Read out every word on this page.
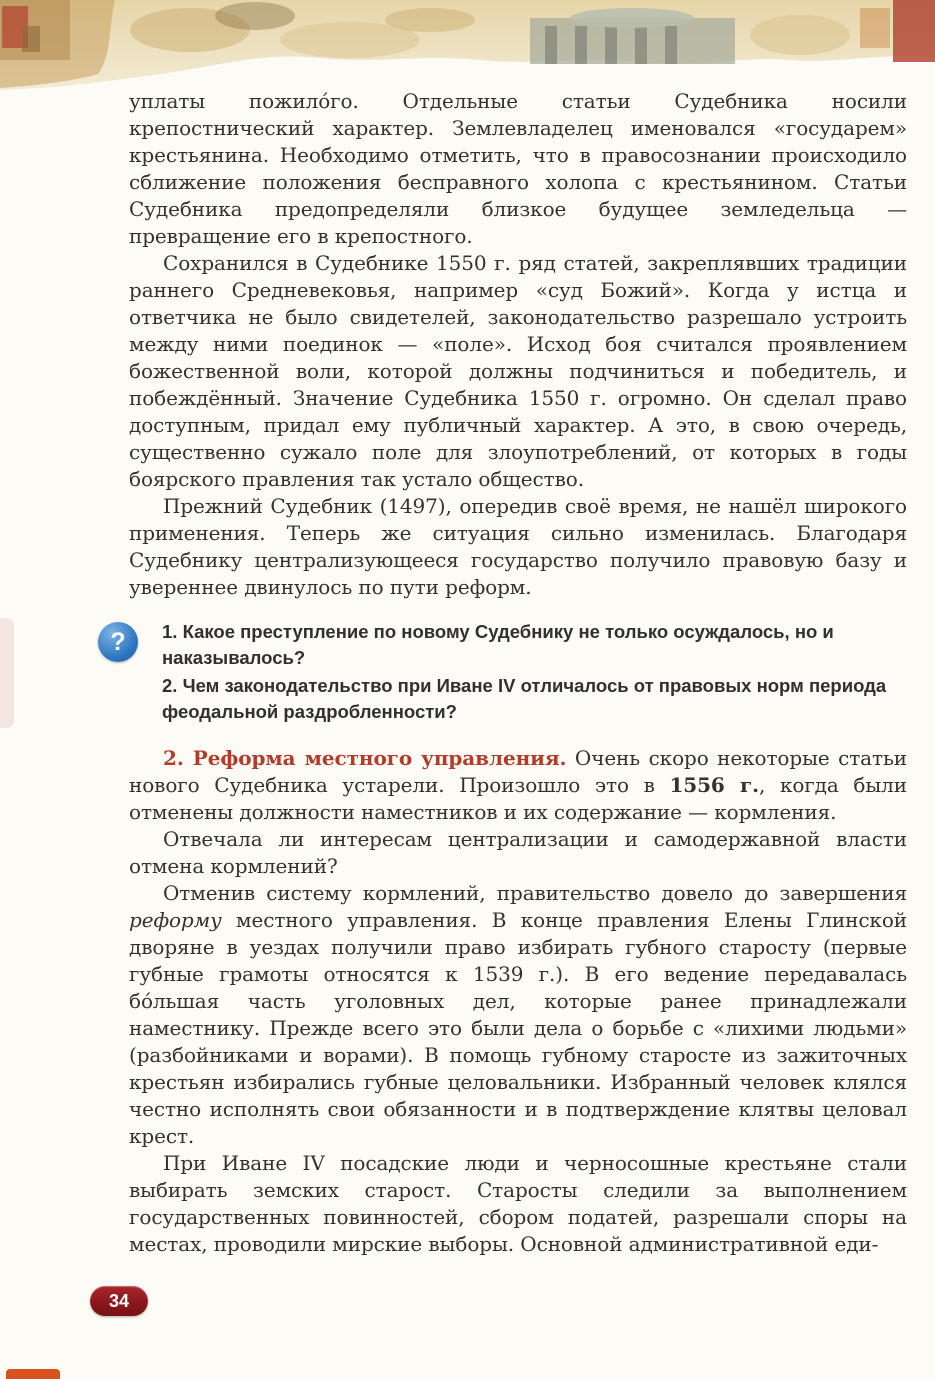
уплаты пожило́го. Отдельные статьи Судебника носили крепостнический характер. Землевладелец именовался «государем» крестьянина. Необходимо отметить, что в правосознании происходило сближение положения бесправного холопа с крестьянином. Статьи Судебника предопределяли близкое будущее земледельца — превращение его в крепостного.

Сохранился в Судебнике 1550 г. ряд статей, закреплявших традиции раннего Средневековья, например «суд Божий». Когда у истца и ответчика не было свидетелей, законодательство разрешало устроить между ними поединок — «поле». Исход боя считался проявлением божественной воли, которой должны подчиниться и победитель, и побеждённый. Значение Судебника 1550 г. огромно. Он сделал право доступным, придал ему публичный характер. А это, в свою очередь, существенно сужало поле для злоупотреблений, от которых в годы боярского правления так устало общество.

Прежний Судебник (1497), опередив своё время, не нашёл широкого применения. Теперь же ситуация сильно изменилась. Благодаря Судебнику централизующееся государство получило правовую базу и увереннее двинулось по пути реформ.

? 1. Какое преступление по новому Судебнику не только осуждалось, но и наказывалось?

2. Чем законодательство при Иване IV отличалось от правовых норм периода феодальной раздробленности?

2. Реформа местного управления. Очень скоро некоторые статьи нового Судебника устарели. Произошло это в 1556 г., когда были отменены должности наместников и их содержание — кормления.

Отвечала ли интересам централизации и самодержавной власти отмена кормлений?

Отменив систему кормлений, правительство довело до завершения реформу местного управления. В конце правления Елены Глинской дворяне в уездах получили право избирать губного старосту (первые губные грамоты относятся к 1539 г.). В его ведение передавалась бо́льшая часть уголовных дел, которые ранее принадлежали наместнику. Прежде всего это были дела о борьбе с «лихими людьми» (разбойниками и ворами). В помощь губному старосте из зажиточных крестьян избирались губные целовальники. Избранный человек клялся честно исполнять свои обязанности и в подтверждение клятвы целовал крест.

При Иване IV посадские люди и черносошные крестьяне стали выбирать земских старост. Старосты следили за выполнением государственных повинностей, сбором податей, разрешали споры на местах, проводили мирские выборы. Основной административной еди-

34
